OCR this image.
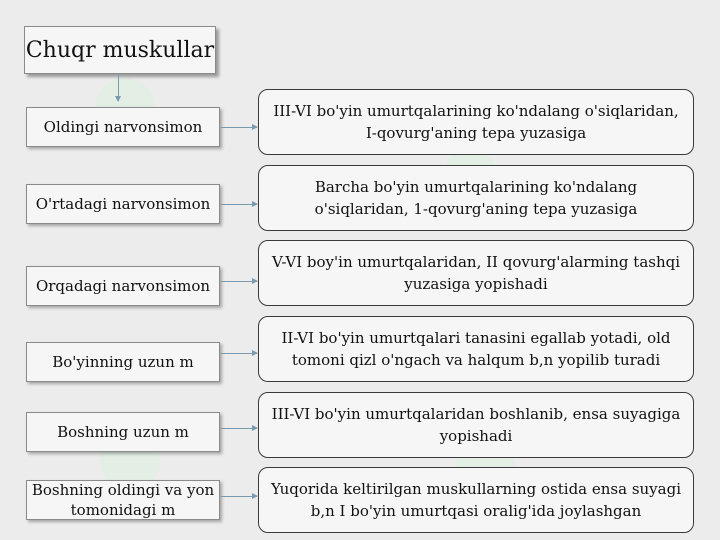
Chuqr muskullar
Oldingi narvonsimon
III-VI bo'yin umurtqalarining ko'ndalang o'siqlaridan, I-qovurg'aning tepa yuzasiga
O'rtadagi narvonsimon
Barcha bo'yin umurtqalarining ko'ndalang o'siqlaridan, 1-qovurg'aning tepa yuzasiga
Orqadagi narvonsimon
V-VI boy'in umurtqalaridan, II qovurg'alarming tashqi yuzasiga yopishadi
Bo'yinning uzun m
II-VI bo'yin umurtqalari tanasini egallab yotadi, old tomoni qizl o'ngach va halqum b,n yopilib turadi
Boshning uzun m
III-VI bo'yin umurtqalaridan boshlanib, ensa suyagiga yopishadi
Boshning oldingi va yon tomonidagi m
Yuqorida keltirilgan muskullarning ostida ensa suyagi b,n I bo'yin umurtqasi oralig'ida joylashgan
